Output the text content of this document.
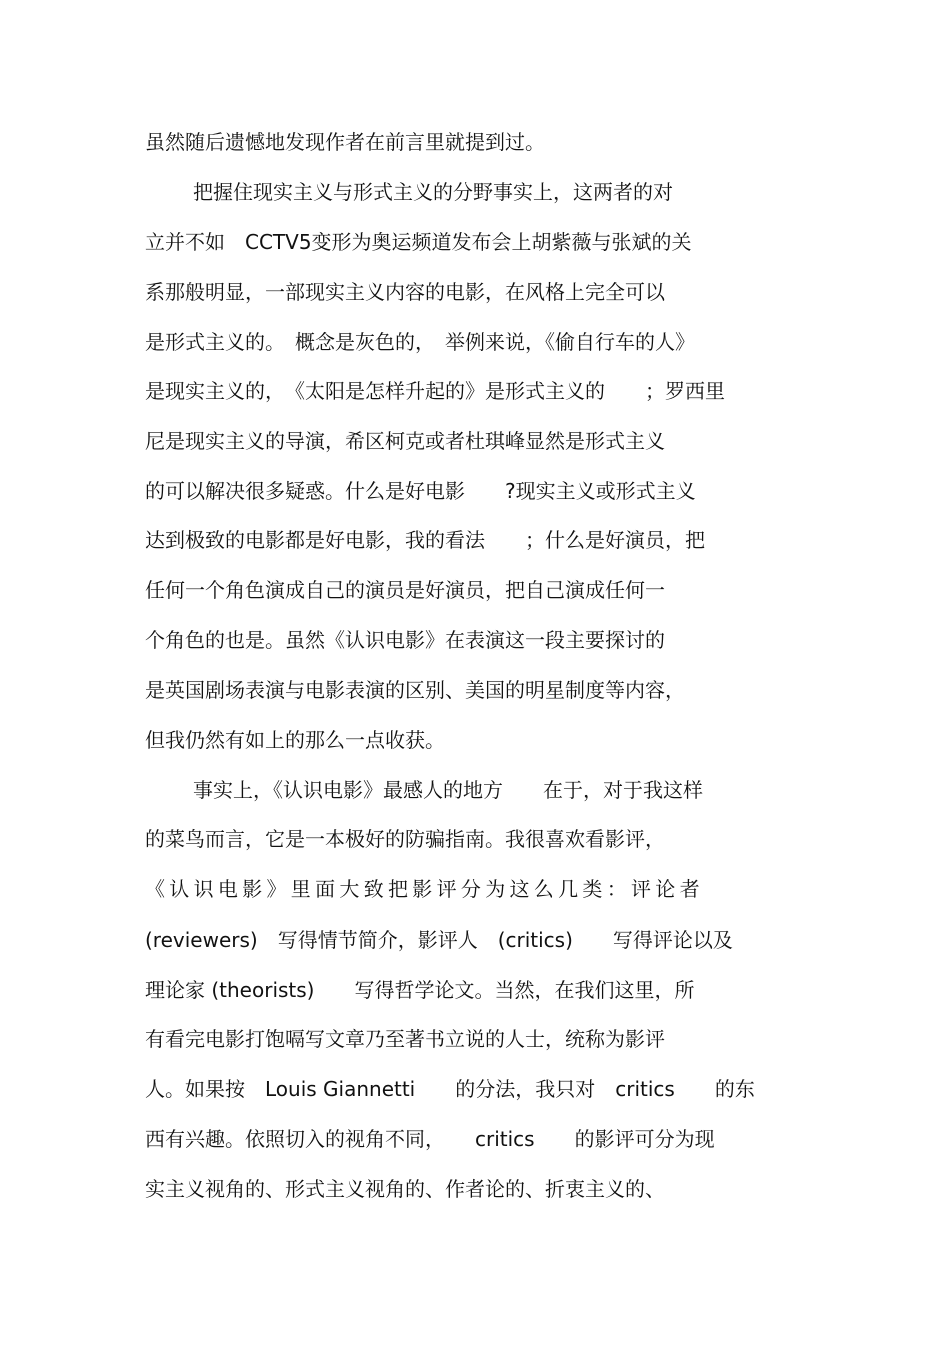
虽然随后遗憾地发现作者在前言里就提到过。
把握住现实主义与形式主义的分野事实上，这两者的对
立并不如　CCTV5变形为奥运频道发布会上胡紫薇与张斌的关
系那般明显，一部现实主义内容的电影，在风格上完全可以
是形式主义的。　概念是灰色的，　举例来说，《偷自行车的人》
是现实主义的，　《太阳是怎样升起的》是形式主义的　　；罗西里
尼是现实主义的导演，希区柯克或者杜琪峰显然是形式主义
的可以解决很多疑惑。什么是好电影　　?现实主义或形式主义
达到极致的电影都是好电影，我的看法　　；什么是好演员，把
任何一个角色演成自己的演员是好演员，把自己演成任何一
个角色的也是。虽然《认识电影》在表演这一段主要探讨的
是英国剧场表演与电影表演的区别、美国的明星制度等内容，
但我仍然有如上的那么一点收获。
事实上，《认识电影》最感人的地方　　在于，对于我这样
的菜鸟而言，它是一本极好的防骗指南。我很喜欢看影评，
《认识电影》里面大致把影评分为这么几类：评论者
(reviewers)　写得情节简介，影评人　(critics)　　写得评论以及
理论家 (theorists)　　写得哲学论文。当然，在我们这里，所
有看完电影打饱嗝写文章乃至著书立说的人士，统称为影评
人。如果按　Louis Giannetti　　的分法，我只对　critics　　的东
西有兴趣。依照切入的视角不同，　　critics　　的影评可分为现
实主义视角的、形式主义视角的、作者论的、折衷主义的、
